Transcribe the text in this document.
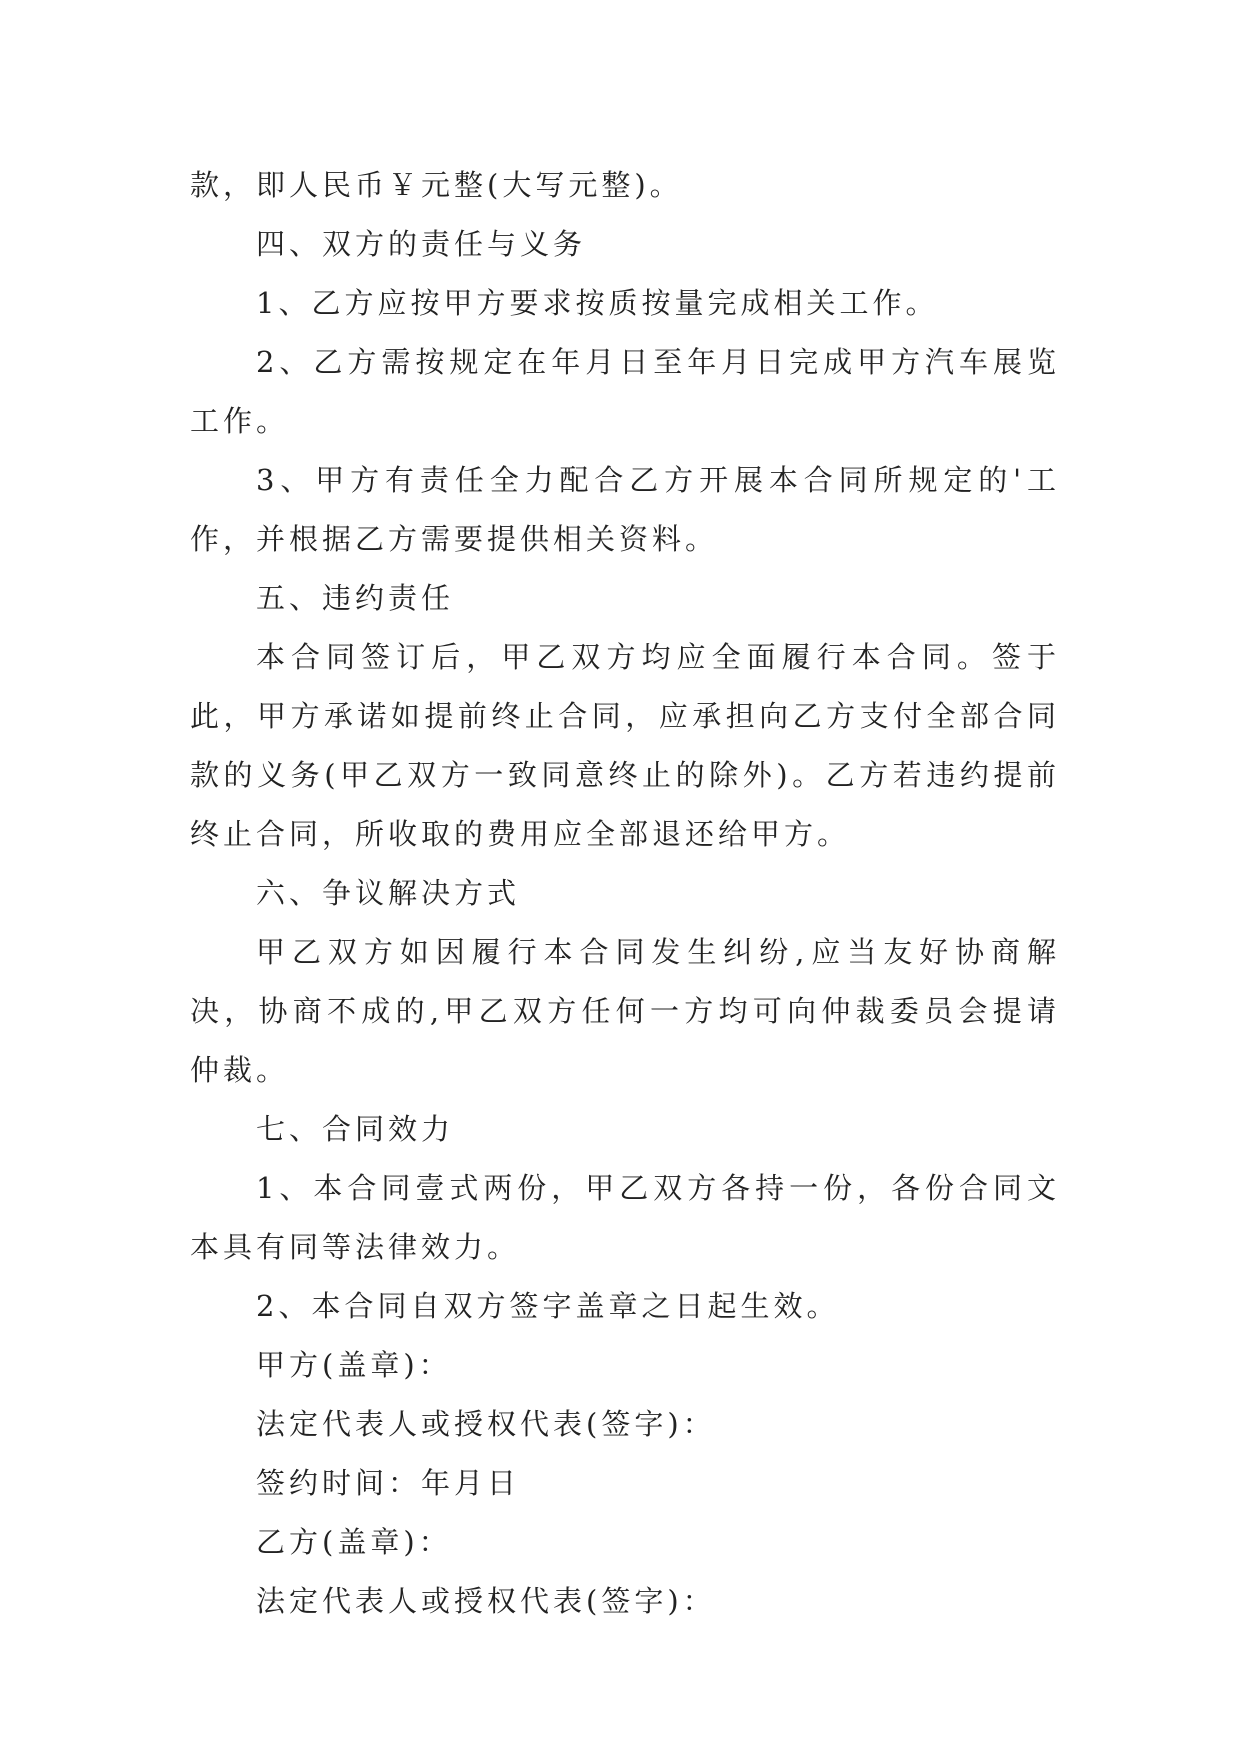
款，即人民币￥元整(大写元整)。

四、双方的责任与义务

1、乙方应按甲方要求按质按量完成相关工作。

2、乙方需按规定在年月日至年月日完成甲方汽车展览工作。

3、甲方有责任全力配合乙方开展本合同所规定的'工作，并根据乙方需要提供相关资料。

五、违约责任

本合同签订后，甲乙双方均应全面履行本合同。签于此，甲方承诺如提前终止合同，应承担向乙方支付全部合同款的义务(甲乙双方一致同意终止的除外)。乙方若违约提前终止合同，所收取的费用应全部退还给甲方。

六、争议解决方式

甲乙双方如因履行本合同发生纠纷,应当友好协商解决，协商不成的,甲乙双方任何一方均可向仲裁委员会提请仲裁。

七、合同效力

1、本合同壹式两份，甲乙双方各持一份，各份合同文本具有同等法律效力。

2、本合同自双方签字盖章之日起生效。

甲方(盖章)：

法定代表人或授权代表(签字)：

签约时间：年月日

乙方(盖章)：

法定代表人或授权代表(签字)：
